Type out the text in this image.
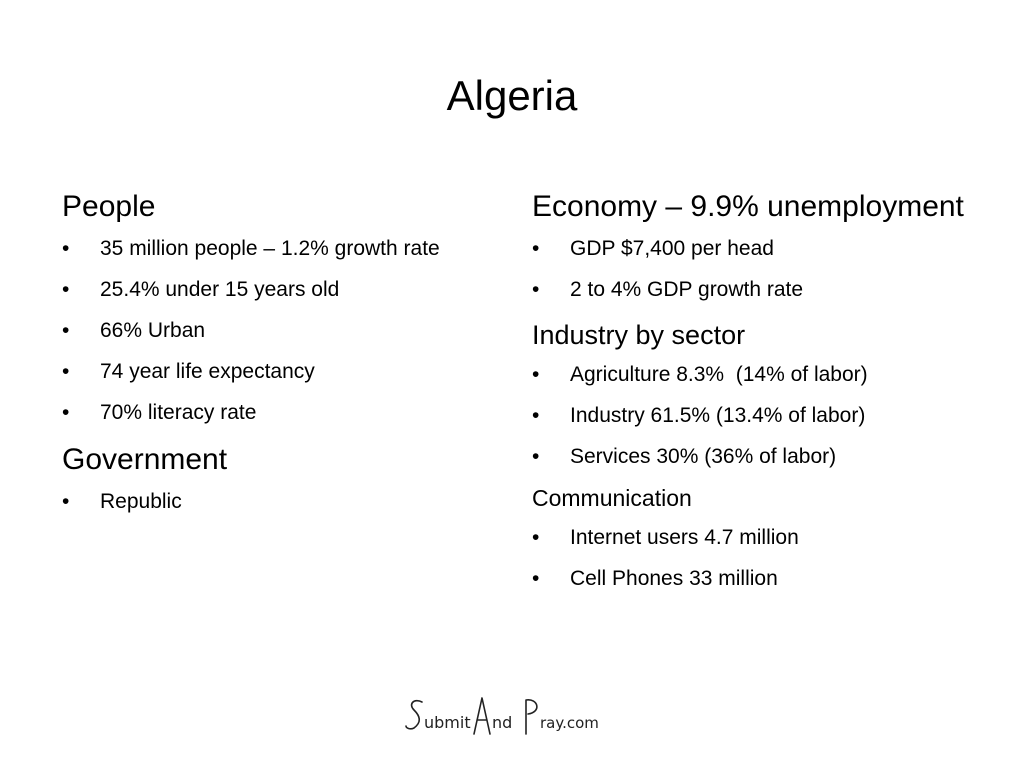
Algeria
People
•	35 million people – 1.2% growth rate
•	25.4% under 15 years old
•	66% Urban
•	74 year life expectancy
•	70% literacy rate
Government
•	Republic
Economy – 9.9% unemployment
•	GDP $7,400 per head
•	2 to 4% GDP growth rate
Industry by sector
•	Agriculture 8.3%  (14% of labor)
•	Industry 61.5% (13.4% of labor)
•	Services 30% (36% of labor)
Communication
•	Internet users 4.7 million
•	Cell Phones 33 million
ubmit nd ray.com
